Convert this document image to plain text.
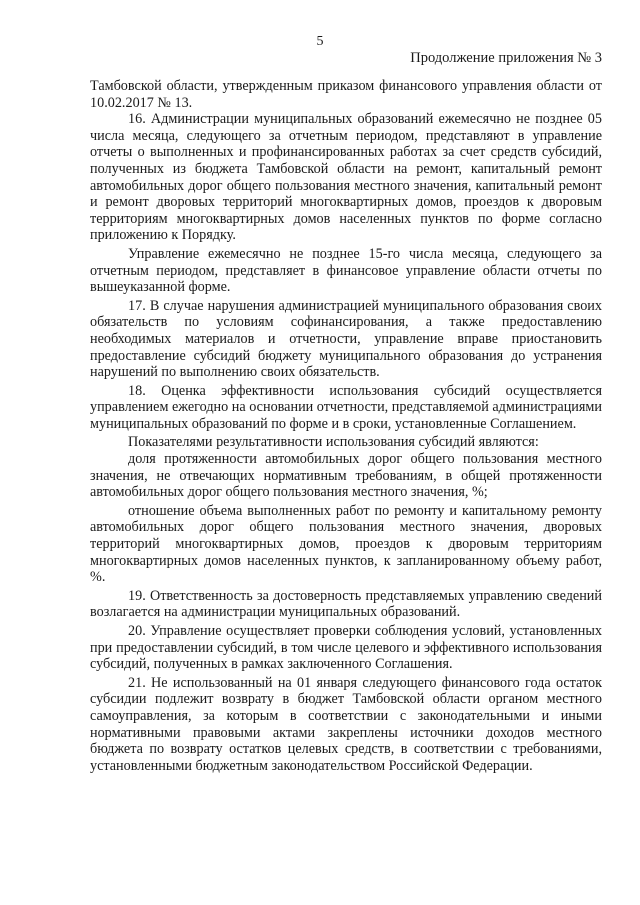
5
Продолжение приложения № 3

Тамбовской области, утвержденным приказом финансового управления области от 10.02.2017 № 13.

16. Администрации муниципальных образований ежемесячно не позднее 05 числа месяца, следующего за отчетным периодом, представляют в управление отчеты о выполненных и профинансированных работах за счет средств субсидий, полученных из бюджета Тамбовской области на ремонт, капитальный ремонт автомобильных дорог общего пользования местного значения, капитальный ремонт и ремонт дворовых территорий многоквартирных домов, проездов к дворовым территориям многоквартирных домов населенных пунктов по форме согласно приложению к Порядку.

Управление ежемесячно не позднее 15-го числа месяца, следующего за отчетным периодом, представляет в финансовое управление области отчеты по вышеуказанной форме.

17. В случае нарушения администрацией муниципального образования своих обязательств по условиям софинансирования, а также предоставлению необходимых материалов и отчетности, управление вправе приостановить предоставление субсидий бюджету муниципального образования до устранения нарушений по выполнению своих обязательств.

18. Оценка эффективности использования субсидий осуществляется управлением ежегодно на основании отчетности, представляемой администрациями муниципальных образований по форме и в сроки, установленные Соглашением.

Показателями результативности использования субсидий являются:

доля протяженности автомобильных дорог общего пользования местного значения, не отвечающих нормативным требованиям, в общей протяженности автомобильных дорог общего пользования местного значения, %;

отношение объема выполненных работ по ремонту и капитальному ремонту автомобильных дорог общего пользования местного значения, дворовых территорий многоквартирных домов, проездов к дворовым территориям многоквартирных домов населенных пунктов, к запланированному объему работ, %.

19. Ответственность за достоверность представляемых управлению сведений возлагается на администрации муниципальных образований.

20. Управление осуществляет проверки соблюдения условий, установленных при предоставлении субсидий, в том числе целевого и эффективного использования субсидий, полученных в рамках заключенного Соглашения.

21. Не использованный на 01 января следующего финансового года остаток субсидии подлежит возврату в бюджет Тамбовской области органом местного самоуправления, за которым в соответствии с законодательными и иными нормативными правовыми актами закреплены источники доходов местного бюджета по возврату остатков целевых средств, в соответствии с требованиями, установленными бюджетным законодательством Российской Федерации.
